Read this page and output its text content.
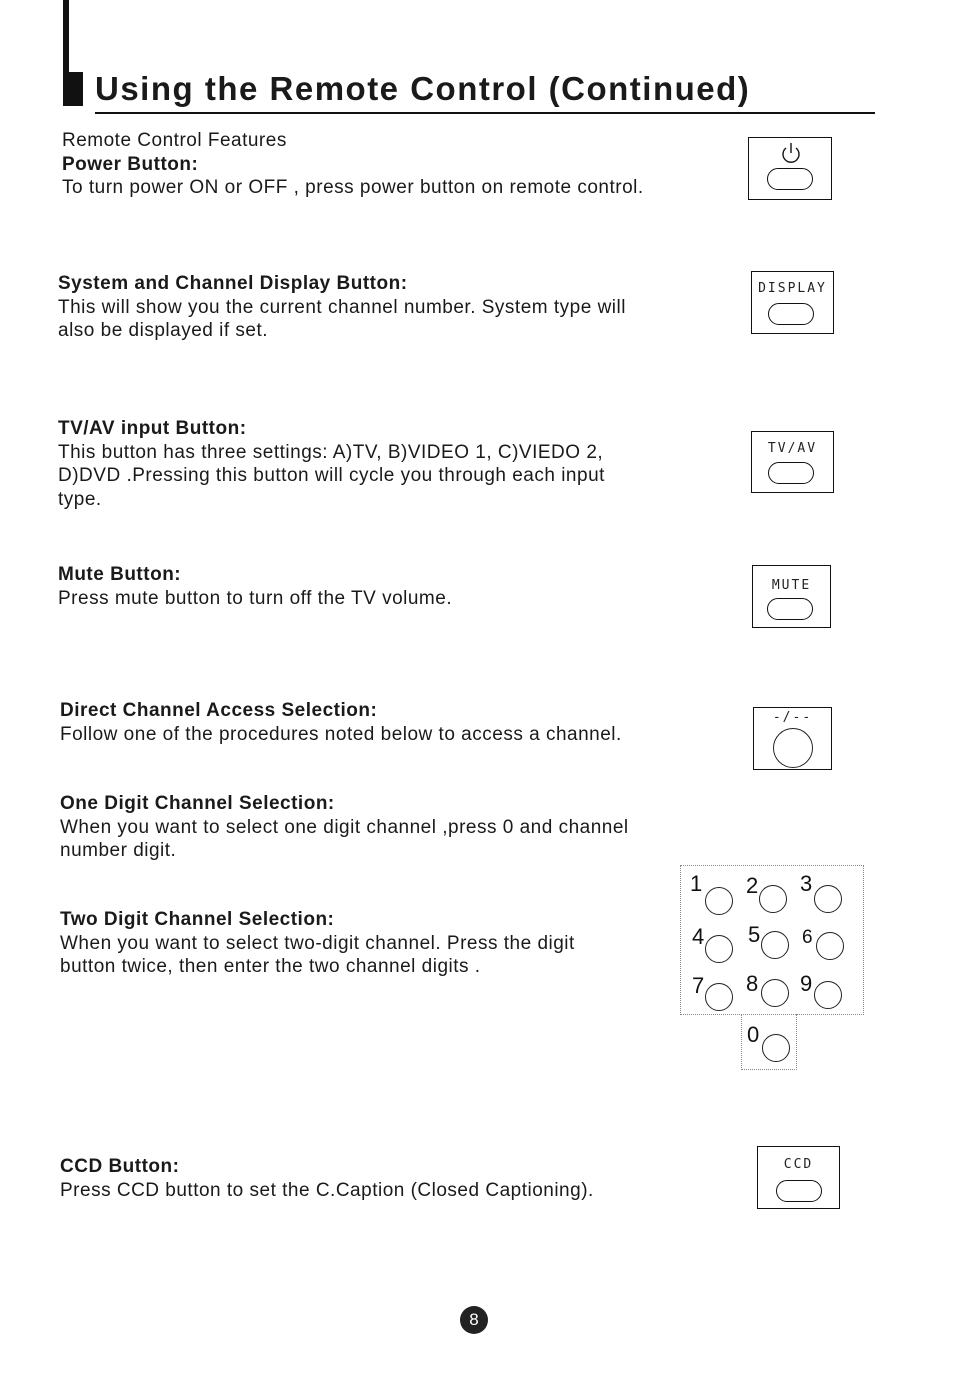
Using the Remote Control (Continued)
Remote Control Features
Power Button:
To turn power ON or OFF , press power button on remote control.
System and Channel Display Button:
This will show you the current channel number. System type will
also be displayed if set.
TV/AV input Button:
This button has three settings: A)TV, B)VIDEO 1, C)VIEDO 2,
D)DVD .Pressing this button will cycle you through each input
type.
Mute Button:
Press mute button to turn off the TV volume.
Direct Channel Access Selection:
Follow one of the procedures noted below to access a channel.
One Digit Channel Selection:
When you want to select one digit channel ,press 0 and channel
number digit.
Two Digit Channel Selection:
When you want to select two-digit channel. Press the digit
button twice, then enter the two channel digits .
CCD Button:
Press CCD button to set the C.Caption (Closed Captioning).
DISPLAY
TV/AV
MUTE
-/--
1 2 3
4 5 6
7 8 9
0
CCD
8
